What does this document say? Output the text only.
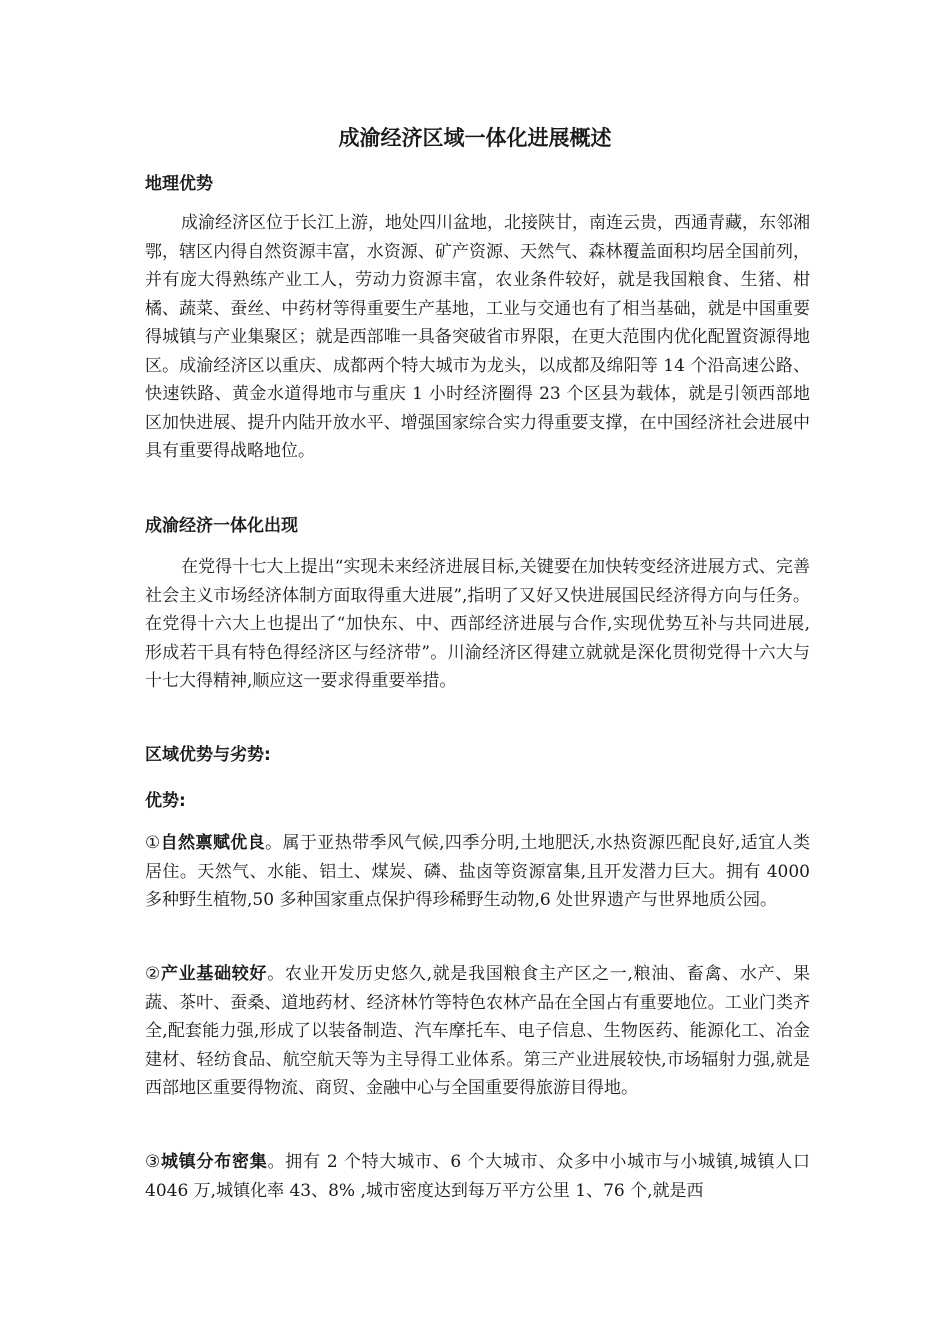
成渝经济区域一体化进展概述
地理优势

成渝经济区位于长江上游，地处四川盆地，北接陕甘，南连云贵，西通青藏，东邻湘鄂，辖区内得自然资源丰富，水资源、矿产资源、天然气、森林覆盖面积均居全国前列，并有庞大得熟练产业工人，劳动力资源丰富，农业条件较好，就是我国粮食、生猪、柑橘、蔬菜、蚕丝、中药材等得重要生产基地，工业与交通也有了相当基础，就是中国重要得城镇与产业集聚区；就是西部唯一具备突破省市界限，在更大范围内优化配置资源得地区。成渝经济区以重庆、成都两个特大城市为龙头，以成都及绵阳等 14 个沿高速公路、快速铁路、黄金水道得地市与重庆 1 小时经济圈得 23 个区县为载体，就是引领西部地区加快进展、提升内陆开放水平、增强国家综合实力得重要支撑，在中国经济社会进展中具有重要得战略地位。

成渝经济一体化出现

在党得十七大上提出“实现未来经济进展目标,关键要在加快转变经济进展方式、完善社会主义市场经济体制方面取得重大进展”,指明了又好又快进展国民经济得方向与任务。在党得十六大上也提出了“加快东、中、西部经济进展与合作,实现优势互补与共同进展,形成若干具有特色得经济区与经济带”。川渝经济区得建立就就是深化贯彻党得十六大与十七大得精神,顺应这一要求得重要举措。

区域优势与劣势:
优势:

①自然禀赋优良。属于亚热带季风气候,四季分明,土地肥沃,水热资源匹配良好,适宜人类居住。天然气、水能、铝土、煤炭、磷、盐卤等资源富集,且开发潜力巨大。拥有 4000 多种野生植物,50 多种国家重点保护得珍稀野生动物,6 处世界遗产与世界地质公园。

②产业基础较好。农业开发历史悠久,就是我国粮食主产区之一,粮油、畜禽、水产、果蔬、茶叶、蚕桑、道地药材、经济林竹等特色农林产品在全国占有重要地位。工业门类齐全,配套能力强,形成了以装备制造、汽车摩托车、电子信息、生物医药、能源化工、冶金建材、轻纺食品、航空航天等为主导得工业体系。第三产业进展较快,市场辐射力强,就是西部地区重要得物流、商贸、金融中心与全国重要得旅游目得地。

③城镇分布密集。拥有 2 个特大城市、6 个大城市、众多中小城市与小城镇,城镇人口 4046 万,城镇化率 43、8% ,城市密度达到每万平方公里 1、76 个,就是西
